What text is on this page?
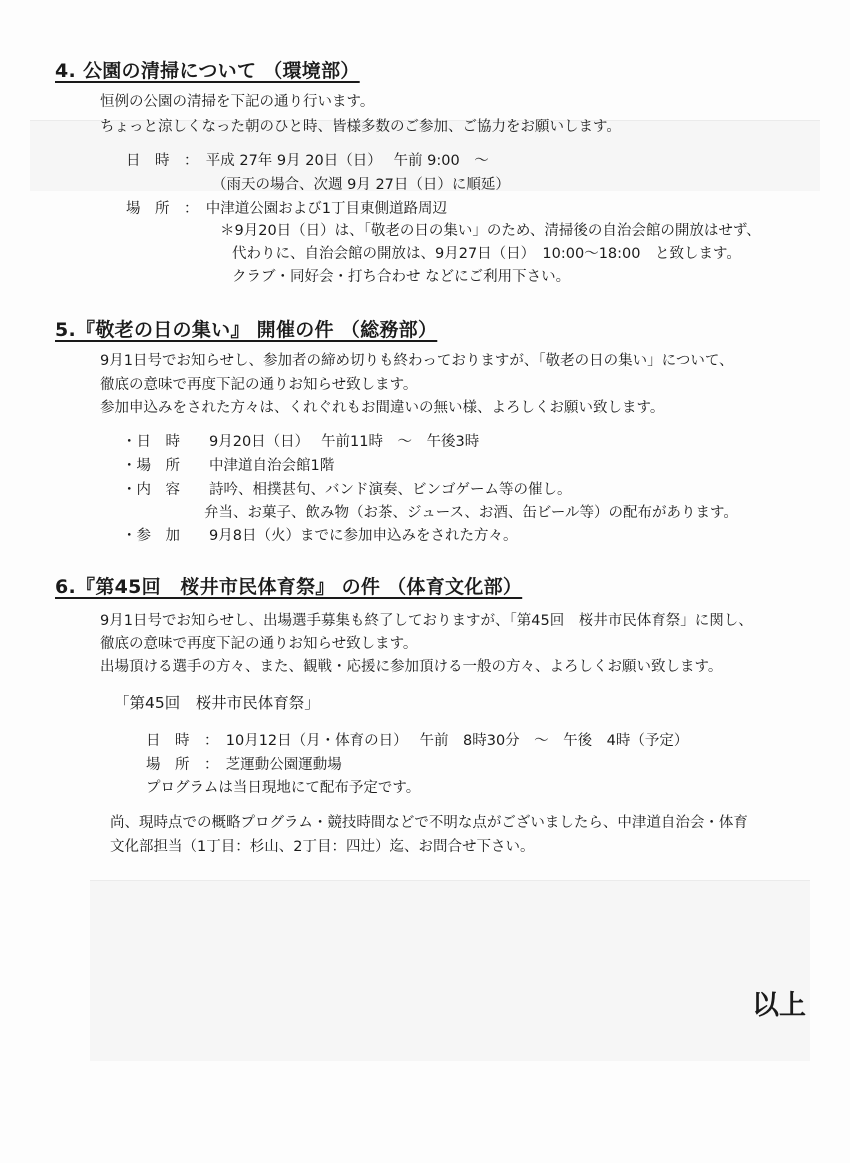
4. 公園の清掃について （環境部）
恒例の公園の清掃を下記の通り行います。
ちょっと涼しくなった朝のひと時、皆様多数のご参加、ご協力をお願いします。
日　時　：　平成 27年 9月 20日（日）　 午前 9:00　～
（雨天の場合、次週 9月 27日（日）に順延）
場　所　：　中津道公園および1丁目東側道路周辺
＊9月20日（日）は、「敬老の日の集い」のため、清掃後の自治会館の開放はせず、
代わりに、自治会館の開放は、9月27日（日）　10:00～18:00　と致します。
クラブ・同好会・打ち合わせ などにご利用下さい。
5.『敬老の日の集い』 開催の件 （総務部）
9月1日号でお知らせし、参加者の締め切りも終わっておりますが、「敬老の日の集い」について、
徹底の意味で再度下記の通りお知らせ致します。
参加申込みをされた方々は、くれぐれもお間違いの無い様、よろしくお願い致します。
・日　時　　9月20日（日）　 午前11時　～　午後3時
・場　所　　中津道自治会館1階
・内　容　　詩吟、相撲甚句、バンド演奏、ビンゴゲーム等の催し。
弁当、お菓子、飲み物（お茶、ジュース、お酒、缶ビール等）の配布があります。
・参　加　　9月8日（火）までに参加申込みをされた方々。
6.『第45回　桜井市民体育祭』 の件 （体育文化部）
9月1日号でお知らせし、出場選手募集も終了しておりますが、「第45回　桜井市民体育祭」に関し、
徹底の意味で再度下記の通りお知らせ致します。
出場頂ける選手の方々、また、観戦・応援に参加頂ける一般の方々、よろしくお願い致します。
「第45回　桜井市民体育祭」
日　時　：　10月12日（月・体育の日）　 午前　8時30分　～　午後　4時（予定）
場　所　：　芝運動公園運動場
プログラムは当日現地にて配布予定です。
尚、現時点での概略プログラム・競技時間などで不明な点がございましたら、中津道自治会・体育
文化部担当（1丁目：杉山、2丁目：四辻）迄、お問合せ下さい。
以上
